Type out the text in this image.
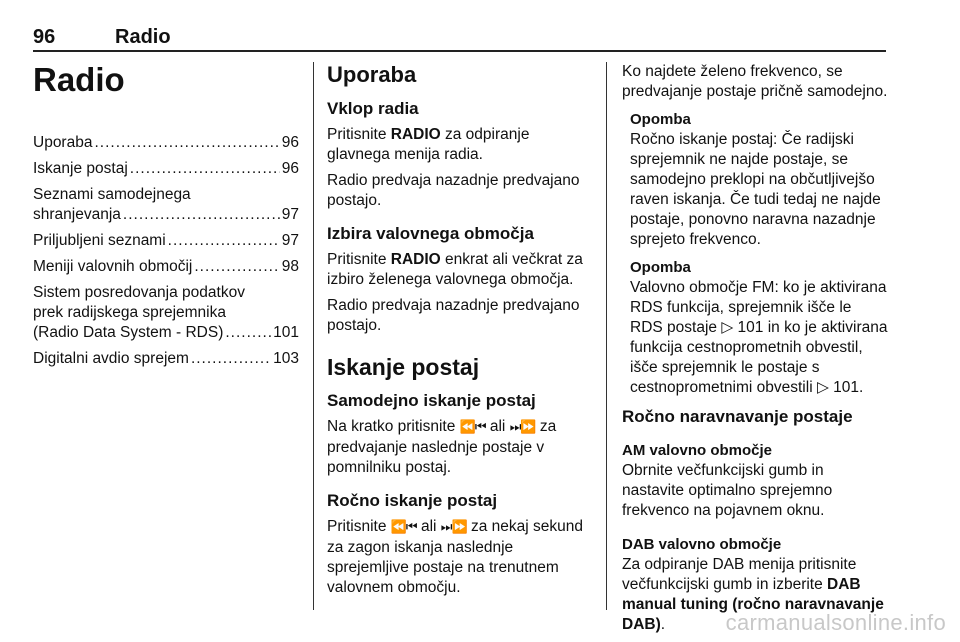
96	Radio
Radio
Uporaba .....	96
Iskanje postaj .....	96
Seznami samodejnega
shranjevanja .....	97
Priljubljeni seznami .....	97
Meniji valovnih območij .....	98
Sistem posredovanja podatkov
prek radijskega sprejemnika
(Radio Data System - RDS) .....	101
Digitalni avdio sprejem .....	103
Uporaba
Vklop radia

Pritisnite RADIO za odpiranje glavnega menija radia.

Radio predvaja nazadnje predvajano postajo.

Izbira valovnega območja

Pritisnite RADIO enkrat ali večkrat za izbiro želenega valovnega območja.

Radio predvaja nazadnje predvajano postajo.

Iskanje postaj
Samodejno iskanje postaj

Na kratko pritisnite ⏪⏮ ali ⏭⏩ za predvajanje naslednje postaje v pomnilniku postaj.

Ročno iskanje postaj

Pritisnite ⏪⏮ ali ⏭⏩ za nekaj sekund za zagon iskanja naslednje sprejemljive postaje na trenutnem valovnem območju.

Ko najdete želeno frekvenco, se predvajanje postaje pričně samodejno.

Opomba

Ročno iskanje postaj: Če radijski sprejemnik ne najde postaje, se samodejno preklopi na občutljivejšo raven iskanja. Če tudi tedaj ne najde postaje, ponovno naravna nazadnje sprejeto frekvenco.

Opomba

Valovno območje FM: ko je aktivirana RDS funkcija, sprejemnik išče le RDS postaje ▷ 101 in ko je aktivirana funkcija cestnoprometnih obvestil, išče sprejemnik le postaje s cestnoprometnimi obvestili ▷ 101.

Ročno naravnavanje postaje
AM valovno območje

Obrnite večfunkcijski gumb in nastavite optimalno sprejemno frekvenco na pojavnem oknu.

DAB valovno območje

Za odpiranje DAB menija pritisnite večfunkcijski gumb in izberite DAB manual tuning (ročno naravnavanje DAB).	carmanualsonline.info
